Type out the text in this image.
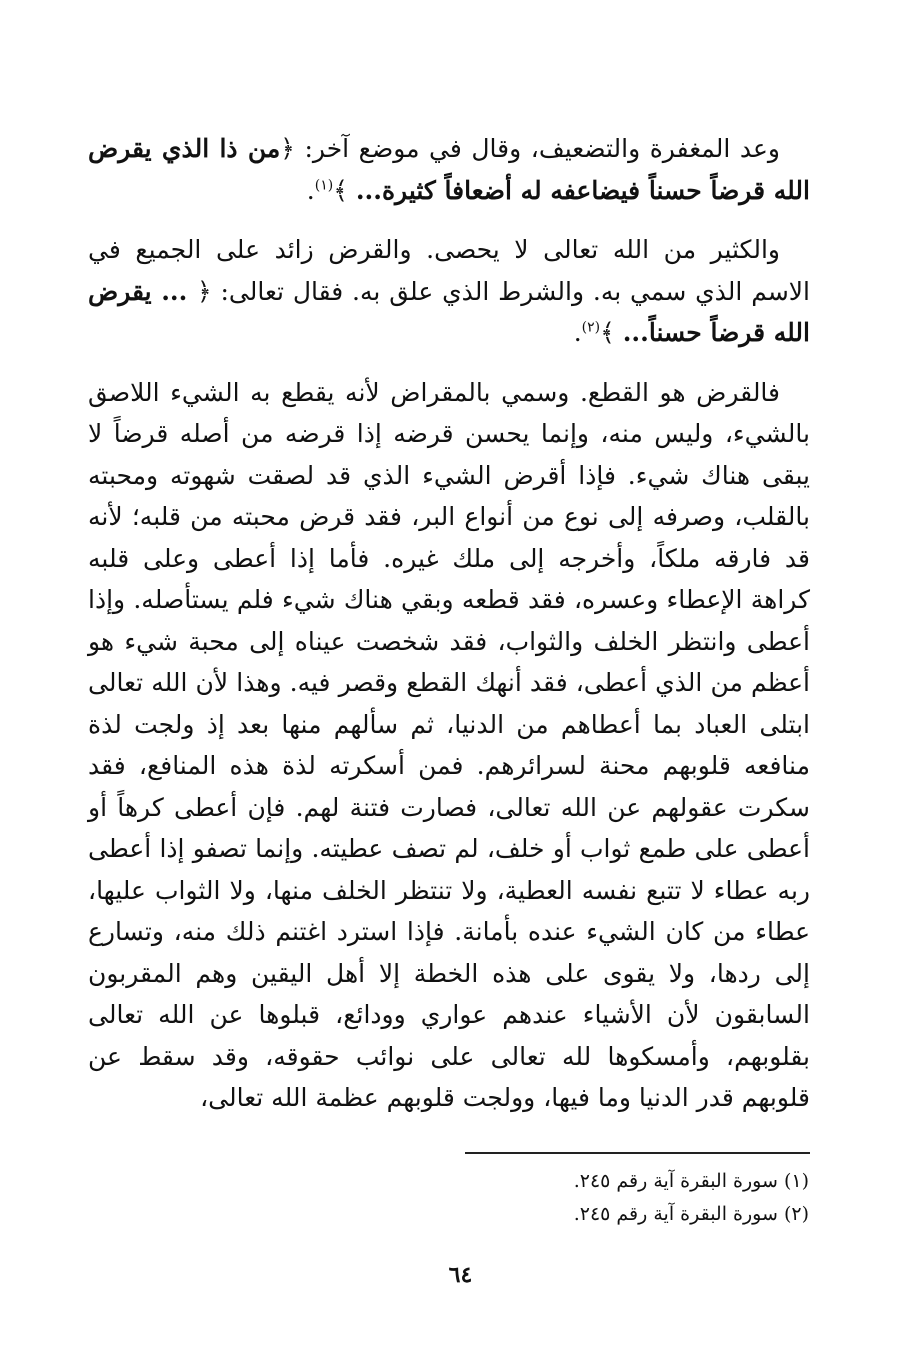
وعد المغفرة والتضعيف، وقال في موضع آخر: ﴿من ذا الذي يقرض الله قرضاً حسناً فيضاعفه له أضعافاً كثيرة... ﴾$^{(١)}$.

والكثير من الله تعالى لا يحصى. والقرض زائد على الجميع في الاسم الذي سمي به. والشرط الذي علق به. فقال تعالى: ﴿ ... يقرض الله قرضاً حسناً... ﴾$^{(٢)}$.

فالقرض هو القطع. وسمي بالمقراض لأنه يقطع به الشيء اللاصق بالشيء، وليس منه، وإنما يحسن قرضه إذا قرضه من أصله قرضاً لا يبقى هناك شيء. فإذا أقرض الشيء الذي قد لصقت شهوته ومحبته بالقلب، وصرفه إلى نوع من أنواع البر، فقد قرض محبته من قلبه؛ لأنه قد فارقه ملكاً، وأخرجه إلى ملك غيره. فأما إذا أعطى وعلى قلبه كراهة الإعطاء وعسره، فقد قطعه وبقي هناك شيء فلم يستأصله. وإذا أعطى وانتظر الخلف والثواب، فقد شخصت عيناه إلى محبة شيء هو أعظم من الذي أعطى، فقد أنهك القطع وقصر فيه. وهذا لأن الله تعالى ابتلى العباد بما أعطاهم من الدنيا، ثم سألهم منها بعد إذ ولجت لذة منافعه قلوبهم محنة لسرائرهم. فمن أسكرته لذة هذه المنافع، فقد سكرت عقولهم عن الله تعالى، فصارت فتنة لهم. فإن أعطى كرهاً أو أعطى على طمع ثواب أو خلف، لم تصف عطيته. وإنما تصفو إذا أعطى ربه عطاء لا تتبع نفسه العطية، ولا تنتظر الخلف منها، ولا الثواب عليها، عطاء من كان الشيء عنده بأمانة. فإذا استرد اغتنم ذلك منه، وتسارع إلى ردها، ولا يقوى على هذه الخطة إلا أهل اليقين وهم المقربون السابقون لأن الأشياء عندهم عواري وودائع، قبلوها عن الله تعالى بقلوبهم، وأمسكوها لله تعالى على نوائب حقوقه، وقد سقط عن قلوبهم قدر الدنيا وما فيها، وولجت قلوبهم عظمة الله تعالى،

(١) سورة البقرة آية رقم ٢٤٥.
(٢) سورة البقرة آية رقم ٢٤٥.
٦٤
